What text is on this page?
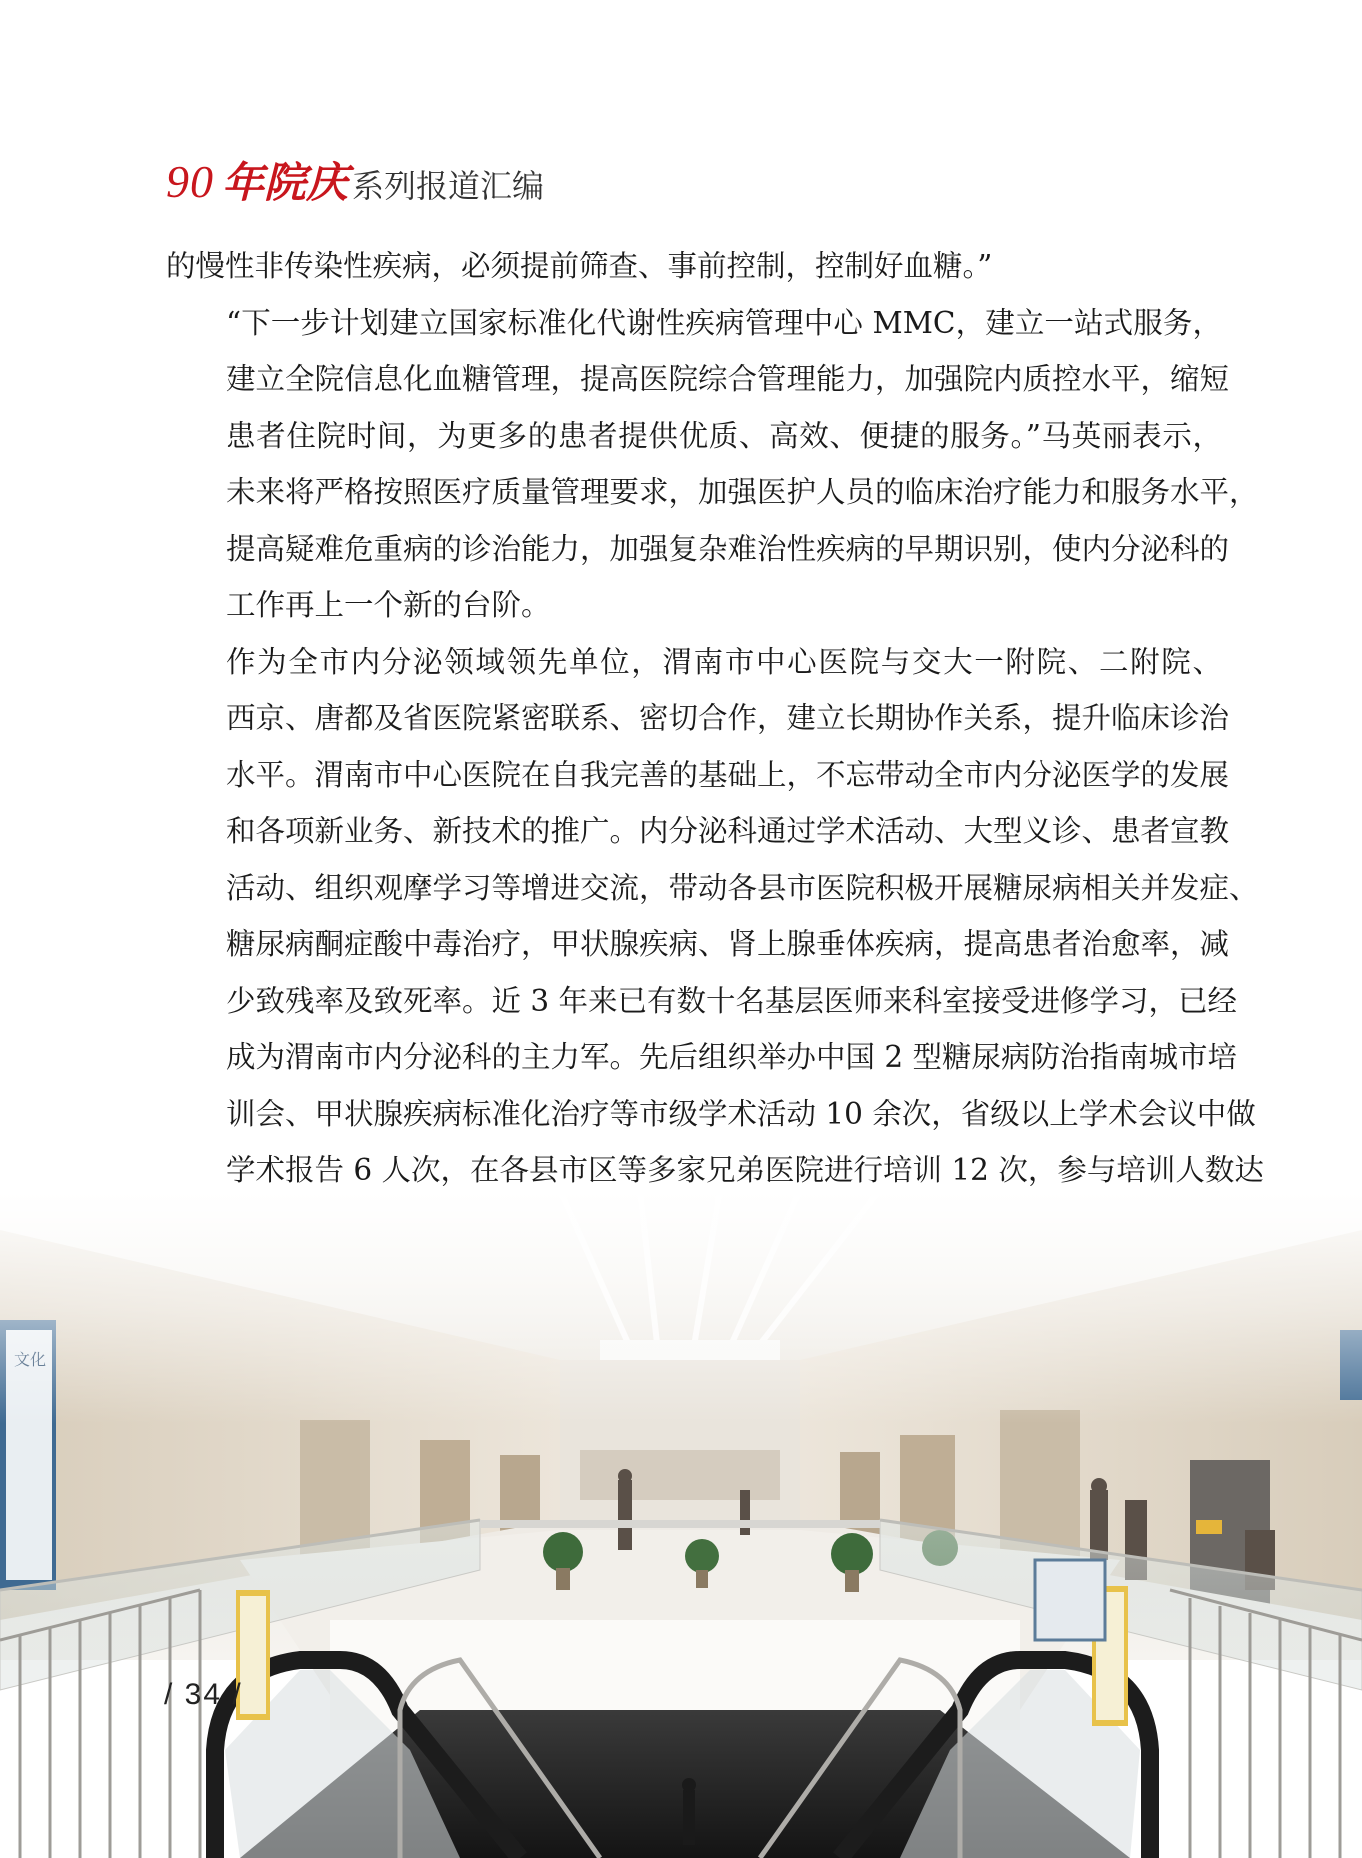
90 年院庆 系列报道汇编

的慢性非传染性疾病，必须提前筛查、事前控制，控制好血糖。”

“下一步计划建立国家标准化代谢性疾病管理中心 MMC，建立一站式服务，
建立全院信息化血糖管理，提高医院综合管理能力，加强院内质控水平，缩短
患者住院时间，为更多的患者提供优质、高效、便捷的服务。”马英丽表示，
未来将严格按照医疗质量管理要求，加强医护人员的临床治疗能力和服务水平，
提高疑难危重病的诊治能力，加强复杂难治性疾病的早期识别，使内分泌科的
工作再上一个新的台阶。

作为全市内分泌领域领先单位，渭南市中心医院与交大一附院、二附院、
西京、唐都及省医院紧密联系、密切合作，建立长期协作关系，提升临床诊治
水平。渭南市中心医院在自我完善的基础上，不忘带动全市内分泌医学的发展
和各项新业务、新技术的推广。内分泌科通过学术活动、大型义诊、患者宣教
活动、组织观摩学习等增进交流，带动各县市医院积极开展糖尿病相关并发症、
糖尿病酮症酸中毒治疗，甲状腺疾病、肾上腺垂体疾病，提高患者治愈率，减
少致残率及致死率。近 3 年来已有数十名基层医师来科室接受进修学习，已经
成为渭南市内分泌科的主力军。先后组织举办中国 2 型糖尿病防治指南城市培
训会、甲状腺疾病标准化治疗等市级学术活动 10 余次，省级以上学术会议中做
学术报告 6 人次，在各县市区等多家兄弟医院进行培训 12 次，参与培训人数达

/ 34 /
